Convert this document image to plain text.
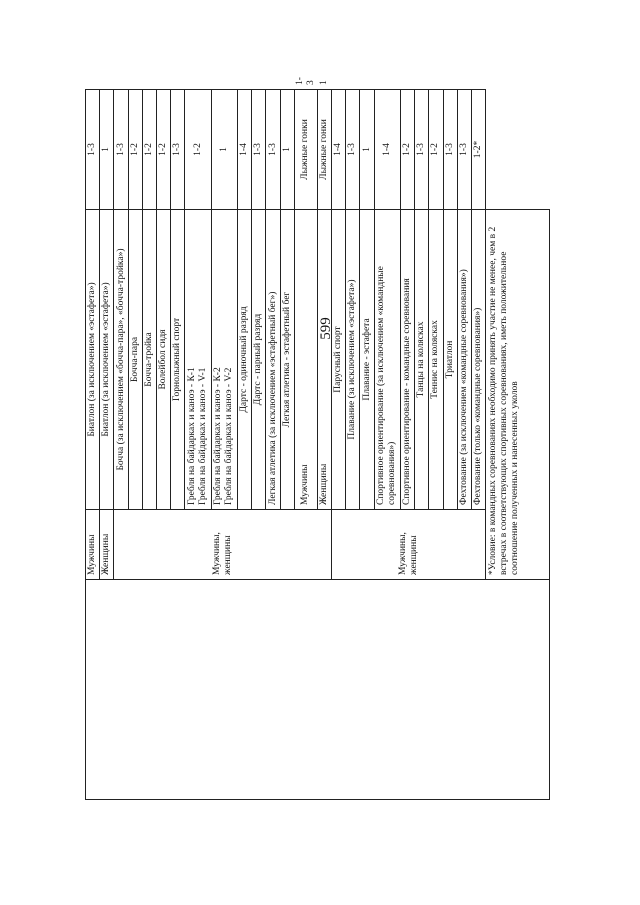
599
	Мужчины	Биатлон (за исключением «эстафета»)	1-3	
	Женщины	Биатлон (за исключением «эстафета»)	1	
	Мужчины, женщины	Бочча (за исключением «бочча-пара», «бочча-тройка»)	1-3	
		Бочча-пара	1-2	
		Бочча-тройка	1-2	
		Волейбол сидя	1-2	
		Горнолыжный спорт	1-3	

		Гребля на байдарках и каноэ - К-1 Гребля на байдарках и каноэ - V-1	1-2	

		Гребля на байдарках и каноэ - К-2 Гребля на байдарках и каноэ - V-2	1	
		Дартс - одиночный разряд	1-4	
		Дартс - парный разряд	1-3	
		Легкая атлетика (за исключением «эстафетный бег»)	1-3	
		Легкая атлетика - эстафетный бег	1	
		Мужчины	Лыжные гонки	1-3
		Женщины	Лыжные гонки	1
	Мужчины, женщины	Парусный спорт	1-4	
		Плавание (за исключением «эстафета»)	1-3	
		Плавание - эстафета	1	
		Спортивное ориентирование (за исключением «командные соревнования»)	1-4	
		Спортивное ориентирование - командные соревнования	1-2	
		Танцы на колясках	1-3	
		Теннис на колясках	1-2	
		Триатлон	1-3	
		Фехтование (за исключением «командные соревнования»)	1-3	
		Фехтование (только «командные соревнования»)	1-2*	
	*Условие: в командных соревнованиях необходимо принять участие не менее, чем в 2 встречах в соответствующих спортивных соревнованиях, иметь положительное соотношение полученных и нанесенных уколов			
